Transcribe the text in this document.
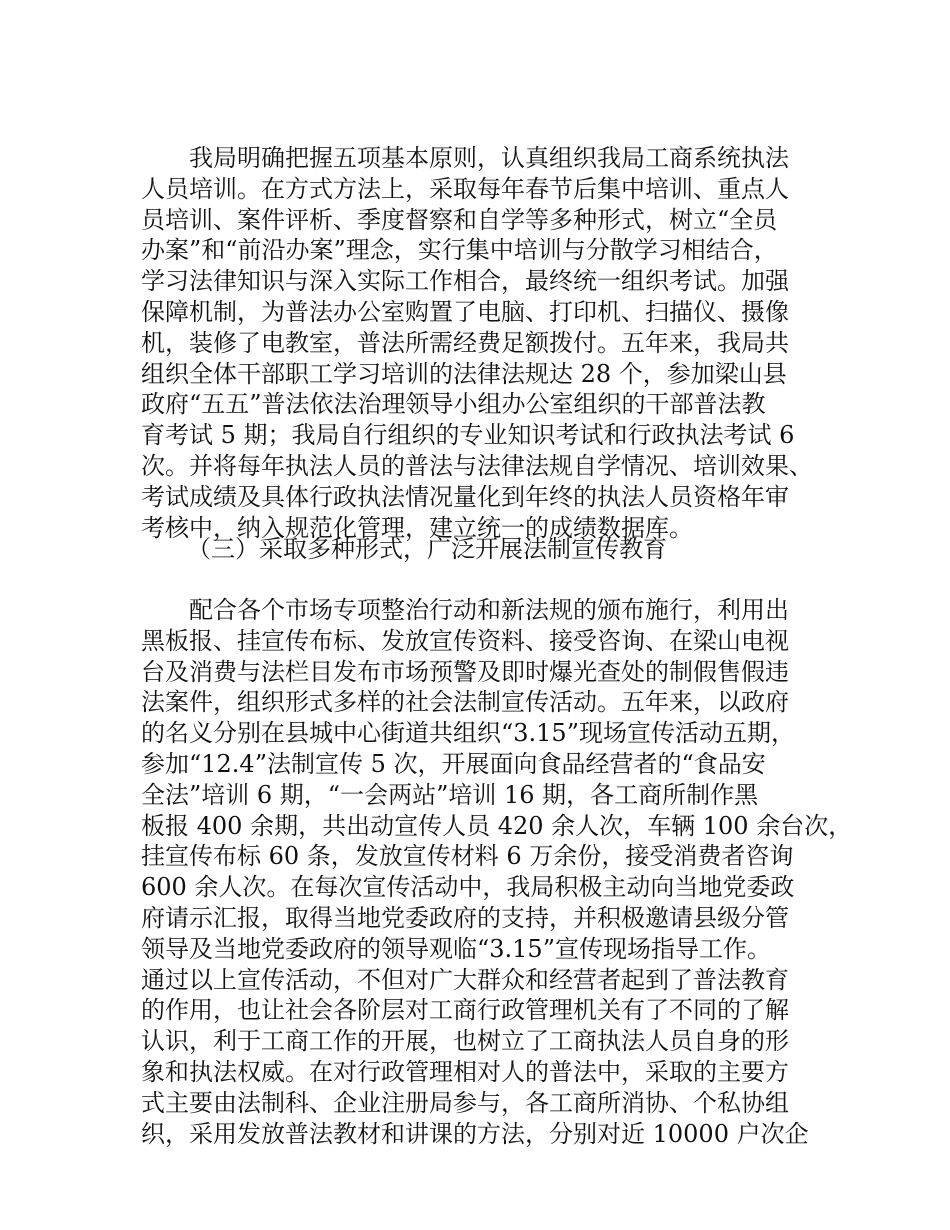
　　我局明确把握五项基本原则，认真组织我局工商系统执法
人员培训。在方式方法上，采取每年春节后集中培训、重点人
员培训、案件评析、季度督察和自学等多种形式，树立“全员
办案”和“前沿办案”理念，实行集中培训与分散学习相结合，
学习法律知识与深入实际工作相合，最终统一组织考试。加强
保障机制，为普法办公室购置了电脑、打印机、扫描仪、摄像
机，装修了电教室，普法所需经费足额拨付。五年来，我局共
组织全体干部职工学习培训的法律法规达 28 个，参加梁山县
政府“五五”普法依法治理领导小组办公室组织的干部普法教
育考试 5 期；我局自行组织的专业知识考试和行政执法考试 6
次。并将每年执法人员的普法与法律法规自学情况、培训效果、
考试成绩及具体行政执法情况量化到年终的执法人员资格年审
考核中，纳入规范化管理，建立统一的成绩数据库。
（三）采取多种形式，广泛开展法制宣传教育
　　配合各个市场专项整治行动和新法规的颁布施行，利用出
黑板报、挂宣传布标、发放宣传资料、接受咨询、在梁山电视
台及消费与法栏目发布市场预警及即时爆光查处的制假售假违
法案件，组织形式多样的社会法制宣传活动。五年来，以政府
的名义分别在县城中心街道共组织“3.15”现场宣传活动五期，
参加“12.4”法制宣传 5 次，开展面向食品经营者的“食品安
全法”培训 6 期，“一会两站”培训 16 期，各工商所制作黑
板报 400 余期，共出动宣传人员 420 余人次，车辆 100 余台次，
挂宣传布标 60 条，发放宣传材料 6 万余份，接受消费者咨询
600 余人次。在每次宣传活动中，我局积极主动向当地党委政
府请示汇报，取得当地党委政府的支持，并积极邀请县级分管
领导及当地党委政府的领导观临“3.15”宣传现场指导工作。
通过以上宣传活动，不但对广大群众和经营者起到了普法教育
的作用，也让社会各阶层对工商行政管理机关有了不同的了解
认识，利于工商工作的开展，也树立了工商执法人员自身的形
象和执法权威。在对行政管理相对人的普法中，采取的主要方
式主要由法制科、企业注册局参与，各工商所消协、个私协组
织，采用发放普法教材和讲课的方法，分别对近 10000 户次企
